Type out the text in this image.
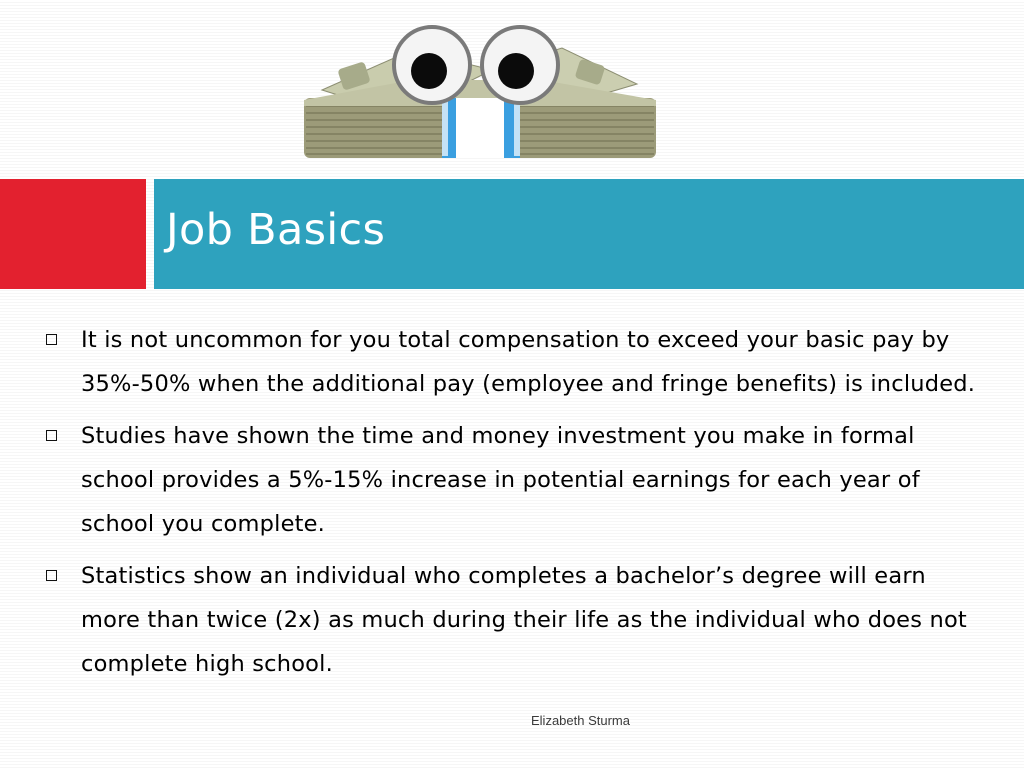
Job Basics
It is not uncommon for you total compensation to exceed your basic pay by 35%-50% when the additional pay (employee and fringe benefits) is included.
Studies have shown the time and money investment you make in formal school provides a 5%-15% increase in potential earnings for each year of school you complete.
Statistics show an individual who completes a bachelor’s degree will earn more than twice (2x) as much during their life as the individual who does not complete high school.
Elizabeth Sturma
